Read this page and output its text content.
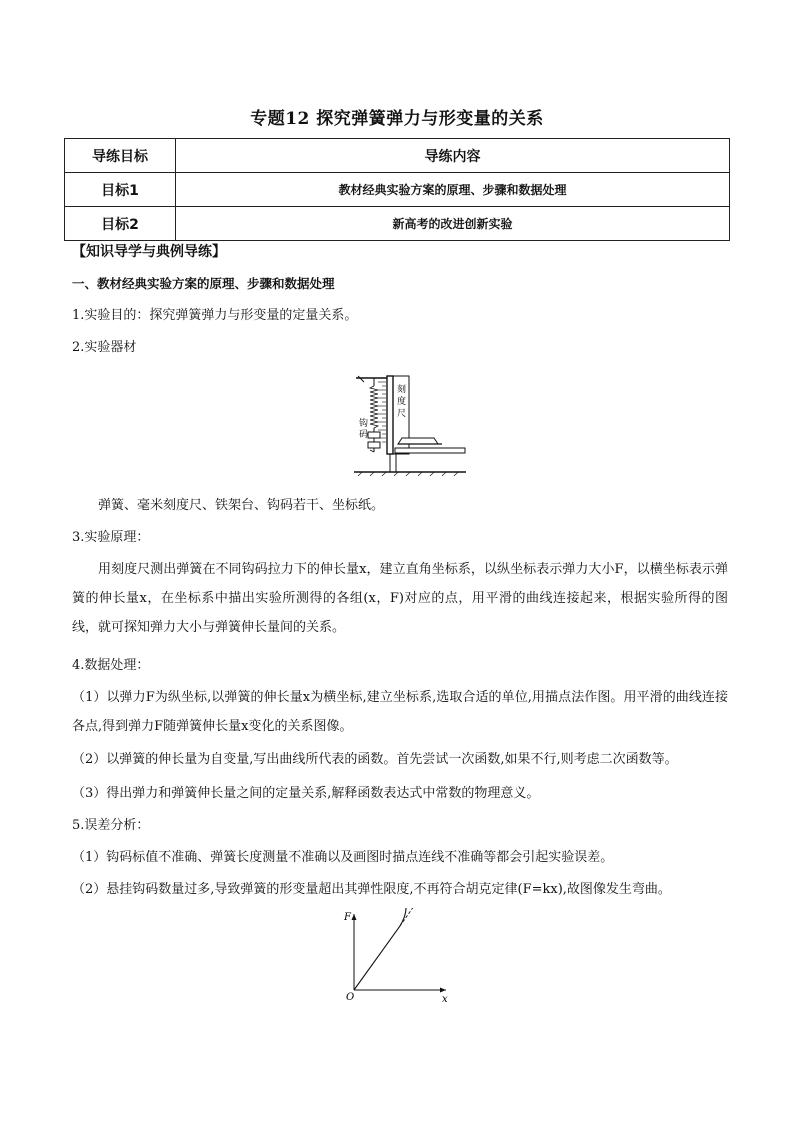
专题12 探究弹簧弹力与形变量的关系
导练目标	导练内容
目标1	教材经典实验方案的原理、步骤和数据处理
目标2	新高考的改进创新实验
【知识导学与典例导练】
一、教材经典实验方案的原理、步骤和数据处理
1.实验目的：探究弹簧弹力与形变量的定量关系。
2.实验器材
钩
码
刻
度
尺
弹簧、毫米刻度尺、铁架台、钩码若干、坐标纸。
3.实验原理：
用刻度尺测出弹簧在不同钩码拉力下的伸长量x，建立直角坐标系，以纵坐标表示弹力大小F，以横坐标表示弹簧的伸长量x，在坐标系中描出实验所测得的各组(x，F)对应的点，用平滑的曲线连接起来，根据实验所得的图线，就可探知弹力大小与弹簧伸长量间的关系。
4.数据处理：
（1）以弹力F为纵坐标,以弹簧的伸长量x为横坐标,建立坐标系,选取合适的单位,用描点法作图。用平滑的曲线连接各点,得到弹力F随弹簧伸长量x变化的关系图像。
（2）以弹簧的伸长量为自变量,写出曲线所代表的函数。首先尝试一次函数,如果不行,则考虑二次函数等。
（3）得出弹力和弹簧伸长量之间的定量关系,解释函数表达式中常数的物理意义。
5.误差分析：
（1）钩码标值不准确、弹簧长度测量不准确以及画图时描点连线不准确等都会引起实验误差。
（2）悬挂钩码数量过多,导致弹簧的形变量超出其弹性限度,不再符合胡克定律(F=kx),故图像发生弯曲。
F
x
O
